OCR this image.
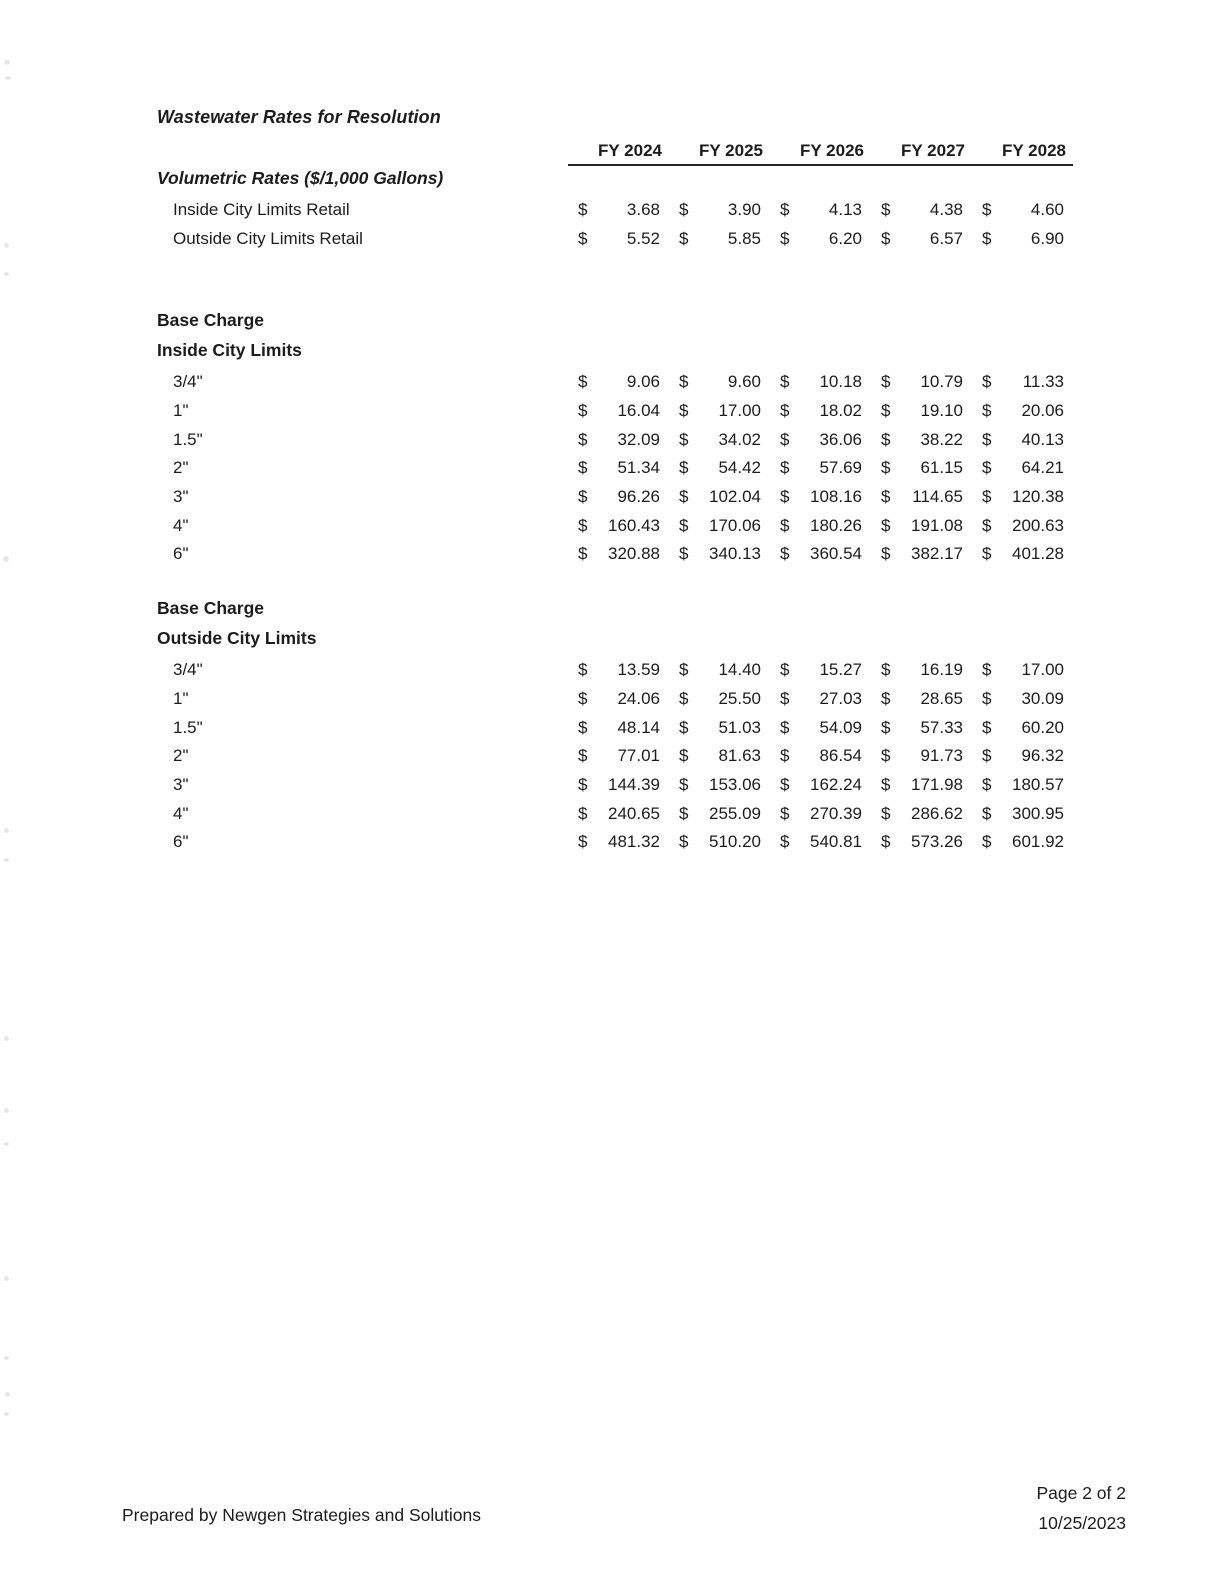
Wastewater Rates for Resolution
FY 2024	FY 2025	FY 2026	FY 2027	FY 2028
Volumetric Rates ($/1,000 Gallons)
Inside City Limits Retail	$ 3.68 $ 3.90 $ 4.13 $ 4.38 $ 4.60
Outside City Limits Retail	$ 5.52 $ 5.85 $ 6.20 $ 6.57 $ 6.90
Base Charge
Inside City Limits
3/4"	$ 9.06 $ 9.60 $ 10.18 $ 10.79 $ 11.33
1"	$ 16.04 $ 17.00 $ 18.02 $ 19.10 $ 20.06
1.5"	$ 32.09 $ 34.02 $ 36.06 $ 38.22 $ 40.13
2"	$ 51.34 $ 54.42 $ 57.69 $ 61.15 $ 64.21
3"	$ 96.26 $ 102.04 $ 108.16 $ 114.65 $ 120.38
4"	$ 160.43 $ 170.06 $ 180.26 $ 191.08 $ 200.63
6"	$ 320.88 $ 340.13 $ 360.54 $ 382.17 $ 401.28
Base Charge
Outside City Limits
3/4"	$ 13.59 $ 14.40 $ 15.27 $ 16.19 $ 17.00
1"	$ 24.06 $ 25.50 $ 27.03 $ 28.65 $ 30.09
1.5"	$ 48.14 $ 51.03 $ 54.09 $ 57.33 $ 60.20
2"	$ 77.01 $ 81.63 $ 86.54 $ 91.73 $ 96.32
3"	$ 144.39 $ 153.06 $ 162.24 $ 171.98 $ 180.57
4"	$ 240.65 $ 255.09 $ 270.39 $ 286.62 $ 300.95
6"	$ 481.32 $ 510.20 $ 540.81 $ 573.26 $ 601.92
Prepared by Newgen Strategies and Solutions
Page 2 of 2
10/25/2023
